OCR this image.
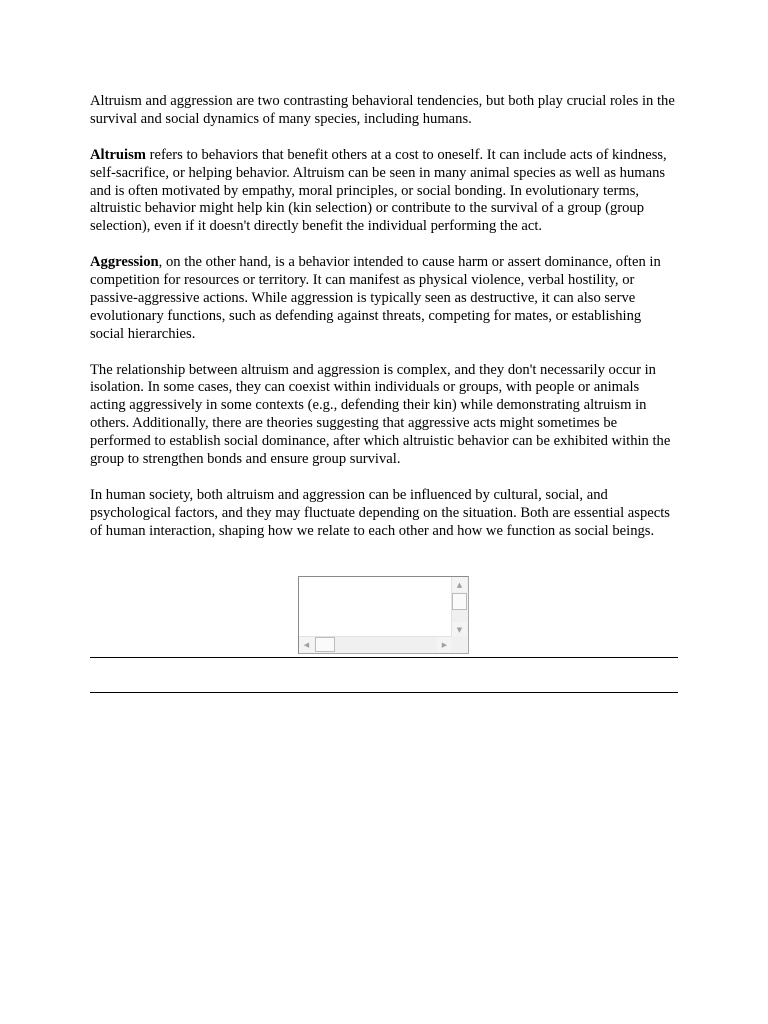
Altruism and aggression are two contrasting behavioral tendencies, but both play crucial roles in the survival and social dynamics of many species, including humans.

Altruism refers to behaviors that benefit others at a cost to oneself. It can include acts of kindness, self-sacrifice, or helping behavior. Altruism can be seen in many animal species as well as humans and is often motivated by empathy, moral principles, or social bonding. In evolutionary terms, altruistic behavior might help kin (kin selection) or contribute to the survival of a group (group selection), even if it doesn't directly benefit the individual performing the act.

Aggression, on the other hand, is a behavior intended to cause harm or assert dominance, often in competition for resources or territory. It can manifest as physical violence, verbal hostility, or passive-aggressive actions. While aggression is typically seen as destructive, it can also serve evolutionary functions, such as defending against threats, competing for mates, or establishing social hierarchies.

The relationship between altruism and aggression is complex, and they don't necessarily occur in isolation. In some cases, they can coexist within individuals or groups, with people or animals acting aggressively in some contexts (e.g., defending their kin) while demonstrating altruism in others. Additionally, there are theories suggesting that aggressive acts might sometimes be performed to establish social dominance, after which altruistic behavior can be exhibited within the group to strengthen bonds and ensure group survival.

In human society, both altruism and aggression can be influenced by cultural, social, and psychological factors, and they may fluctuate depending on the situation. Both are essential aspects of human interaction, shaping how we relate to each other and how we function as social beings.

▲
▼
◀	▶
